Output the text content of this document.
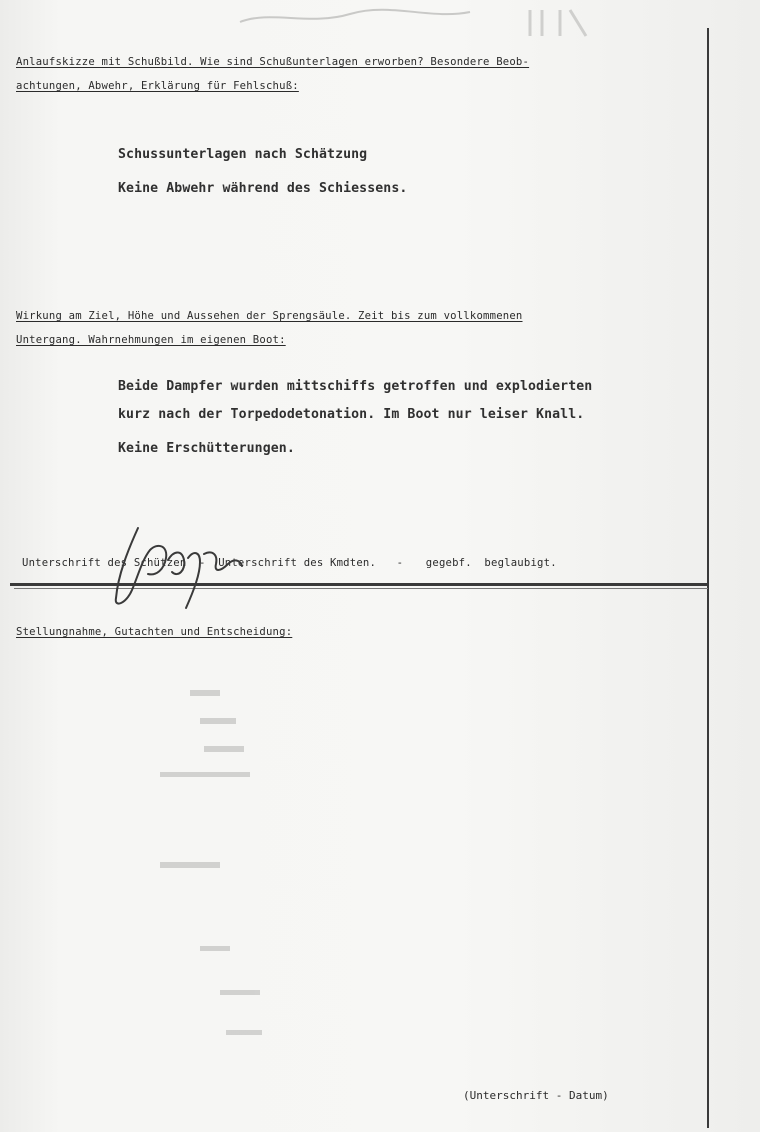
Anlaufskizze mit Schußbild. Wie sind Schußunterlagen erworben? Besondere Beob-
achtungen, Abwehr, Erklärung für Fehlschuß:
Schussunterlagen nach Schätzung
Keine Abwehr während des Schiessens.
Wirkung am Ziel, Höhe und Aussehen der Sprengsäule. Zeit bis zum vollkommenen
Untergang. Wahrnehmungen im eigenen Boot:
Beide Dampfer wurden mittschiffs getroffen und explodierten
kurz nach der Torpedodetonation. Im Boot nur leiser Knall.
Keine Erschütterungen.
Unterschrift des Schützen - Unterschrift des Kmdten. - gegebf. beglaubigt.
Stellungnahme, Gutachten und Entscheidung:
(Unterschrift - Datum)
